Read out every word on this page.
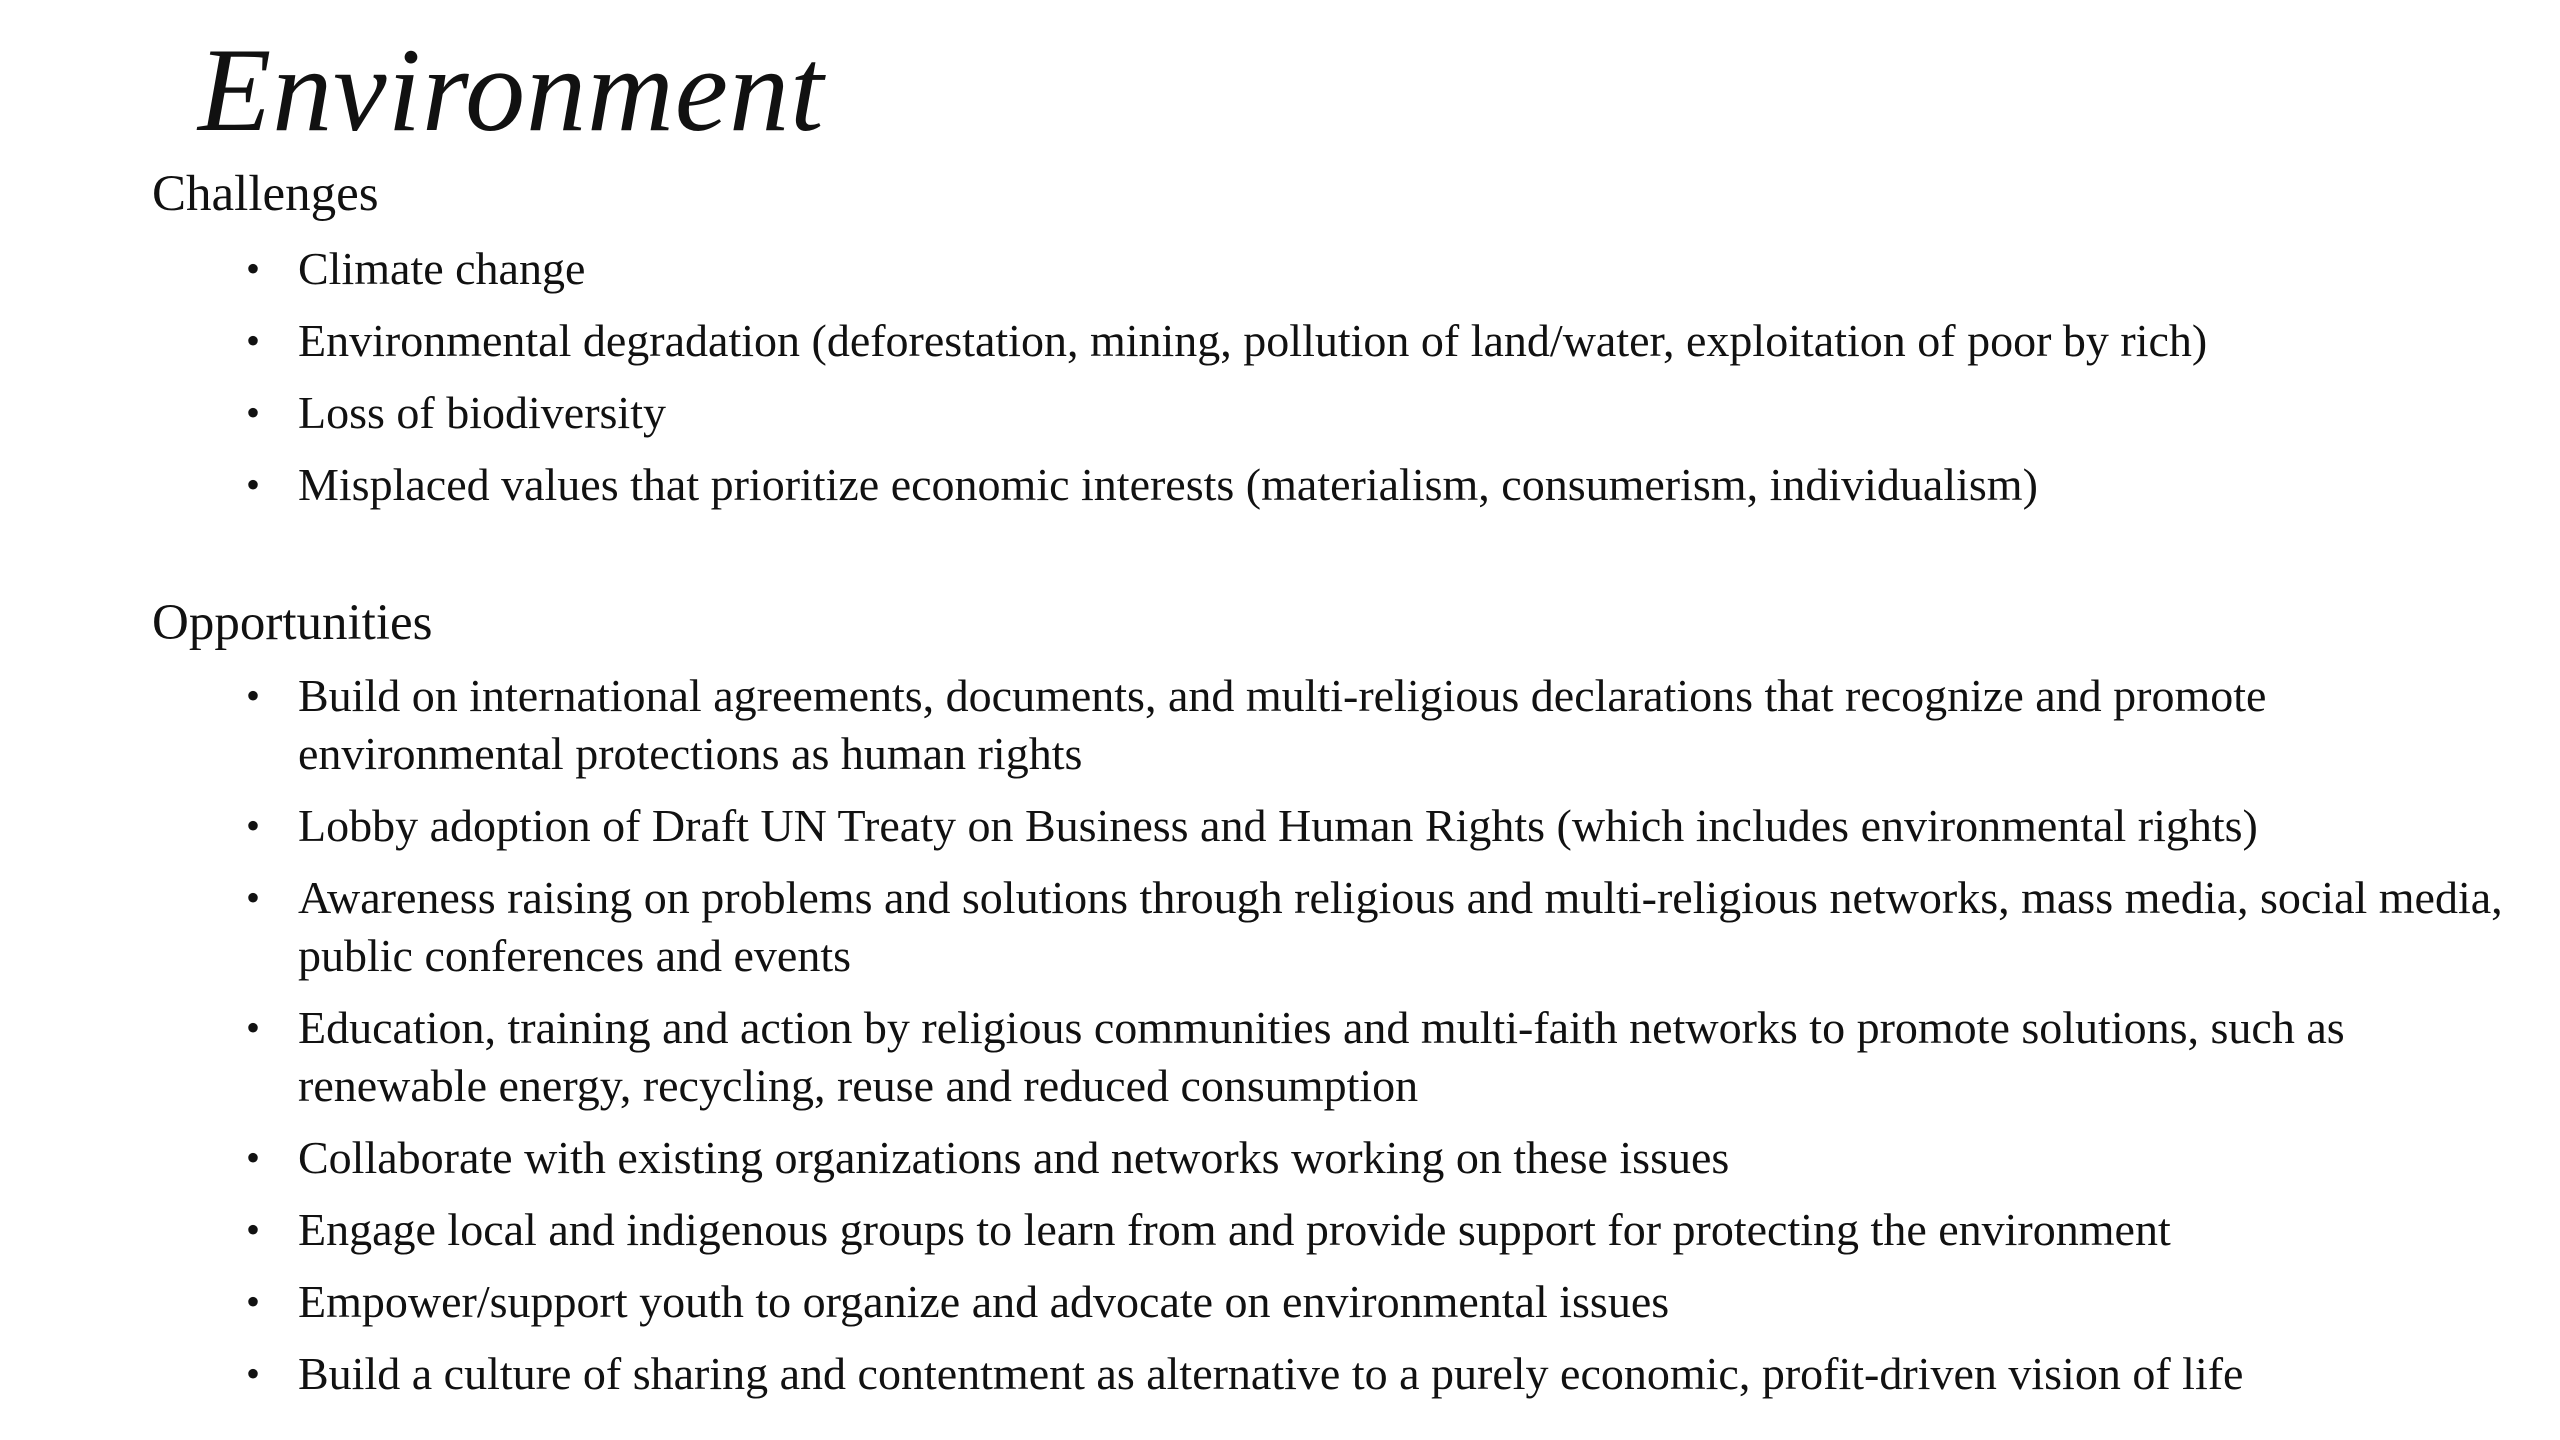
Environment
Challenges
• Climate change
• Environmental degradation (deforestation, mining, pollution of land/water, exploitation of poor by rich)
• Loss of biodiversity
• Misplaced values that prioritize economic interests (materialism, consumerism, individualism)
Opportunities
• Build on international agreements, documents, and multi-religious declarations that recognize and promote environmental protections as human rights
• Lobby adoption of Draft UN Treaty on Business and Human Rights (which includes environmental rights)
• Awareness raising on problems and solutions through religious and multi-religious networks, mass media, social media, public conferences and events
• Education, training and action by religious communities and multi-faith networks to promote solutions, such as renewable energy, recycling, reuse and reduced consumption
• Collaborate with existing organizations and networks working on these issues
• Engage local and indigenous groups to learn from and provide support for protecting the environment
• Empower/support youth to organize and advocate on environmental issues
• Build a culture of sharing and contentment as alternative to a purely economic, profit-driven vision of life
